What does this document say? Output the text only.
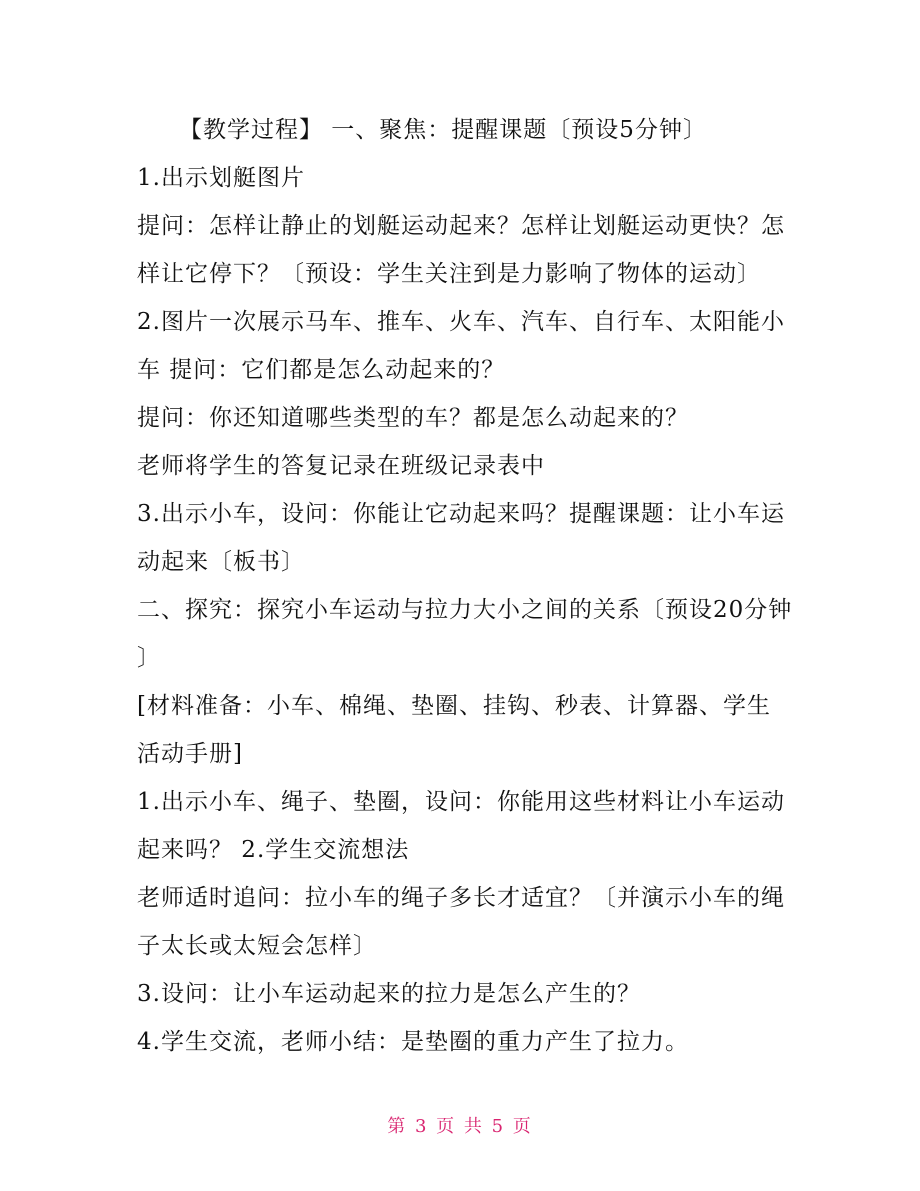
【教学过程】 一、聚焦：提醒课题〔预设5分钟〕
1.出示划艇图片
提问：怎样让静止的划艇运动起来？怎样让划艇运动更快？怎
样让它停下？〔预设：学生关注到是力影响了物体的运动〕
2.图片一次展示马车、推车、火车、汽车、自行车、太阳能小
车 提问：它们都是怎么动起来的？
提问：你还知道哪些类型的车？都是怎么动起来的？
老师将学生的答复记录在班级记录表中
3.出示小车，设问：你能让它动起来吗？提醒课题：让小车运
动起来〔板书〕
二、探究：探究小车运动与拉力大小之间的关系〔预设20分钟
〕
[材料准备：小车、棉绳、垫圈、挂钩、秒表、计算器、学生
活动手册]
1.出示小车、绳子、垫圈，设问：你能用这些材料让小车运动
起来吗？ 2.学生交流想法
老师适时追问：拉小车的绳子多长才适宜？〔并演示小车的绳
子太长或太短会怎样〕
3.设问：让小车运动起来的拉力是怎么产生的？
4.学生交流，老师小结：是垫圈的重力产生了拉力。
第 3 页 共 5 页
